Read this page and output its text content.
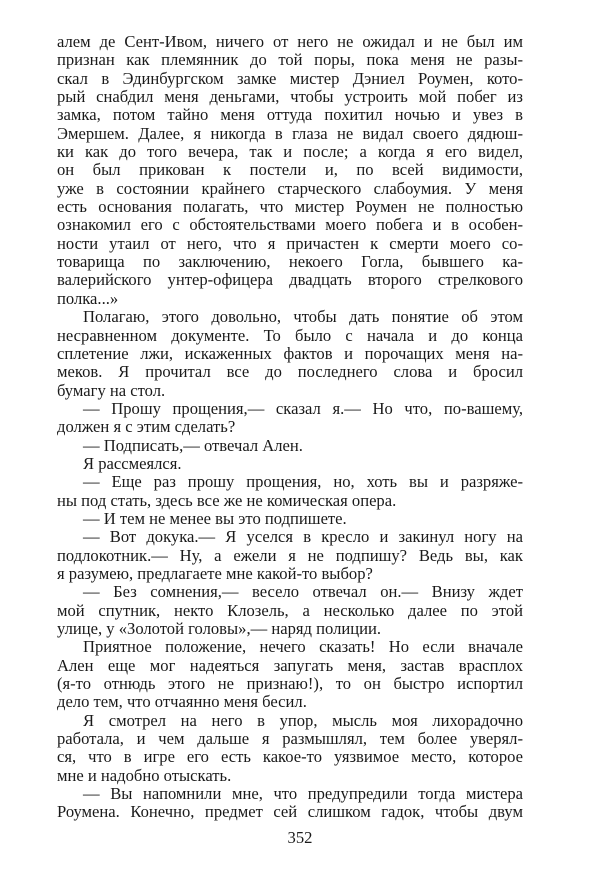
алем де Сент-Ивом, ничего от него не ожидал и не был им
признан как племянник до той поры, пока меня не разы-
скал в Эдинбургском замке мистер Дэниел Роумен, кото-
рый снабдил меня деньгами, чтобы устроить мой побег из
замка, потом тайно меня оттуда похитил ночью и увез в
Эмершем. Далее, я никогда в глаза не видал своего дядюш-
ки как до того вечера, так и после; а когда я его видел,
он был прикован к постели и, по всей видимости,
уже в состоянии крайнего старческого слабоумия. У меня
есть основания полагать, что мистер Роумен не полностью
ознакомил его с обстоятельствами моего побега и в особен-
ности утаил от него, что я причастен к смерти моего со-
товарища по заключению, некоего Гогла, бывшего ка-
валерийского унтер-офицера двадцать второго стрелкового
полка...»
Полагаю, этого довольно, чтобы дать понятие об этом
несравненном документе. То было с начала и до конца
сплетение лжи, искаженных фактов и порочащих меня на-
меков. Я прочитал все до последнего слова и бросил
бумагу на стол.
— Прошу прощения,— сказал я.— Но что, по-вашему,
должен я с этим сделать?
— Подписать,— отвечал Ален.
Я рассмеялся.
— Еще раз прошу прощения, но, хоть вы и разряже-
ны под стать, здесь все же не комическая опера.
— И тем не менее вы это подпишете.
— Вот докука.— Я уселся в кресло и закинул ногу на
подлокотник.— Ну, а ежели я не подпишу? Ведь вы, как
я разумею, предлагаете мне какой-то выбор?
— Без сомнения,— весело отвечал он.— Внизу ждет
мой спутник, некто Клозель, а несколько далее по этой
улице, у «Золотой головы»,— наряд полиции.
Приятное положение, нечего сказать! Но если вначале
Ален еще мог надеяться запугать меня, застав врасплох
(я-то отнюдь этого не признаю!), то он быстро испортил
дело тем, что отчаянно меня бесил.
Я смотрел на него в упор, мысль моя лихорадочно
работала, и чем дальше я размышлял, тем более уверял-
ся, что в игре его есть какое-то уязвимое место, которое
мне и надобно отыскать.
— Вы напомнили мне, что предупредили тогда мистера
Роумена. Конечно, предмет сей слишком гадок, чтобы двум
352
